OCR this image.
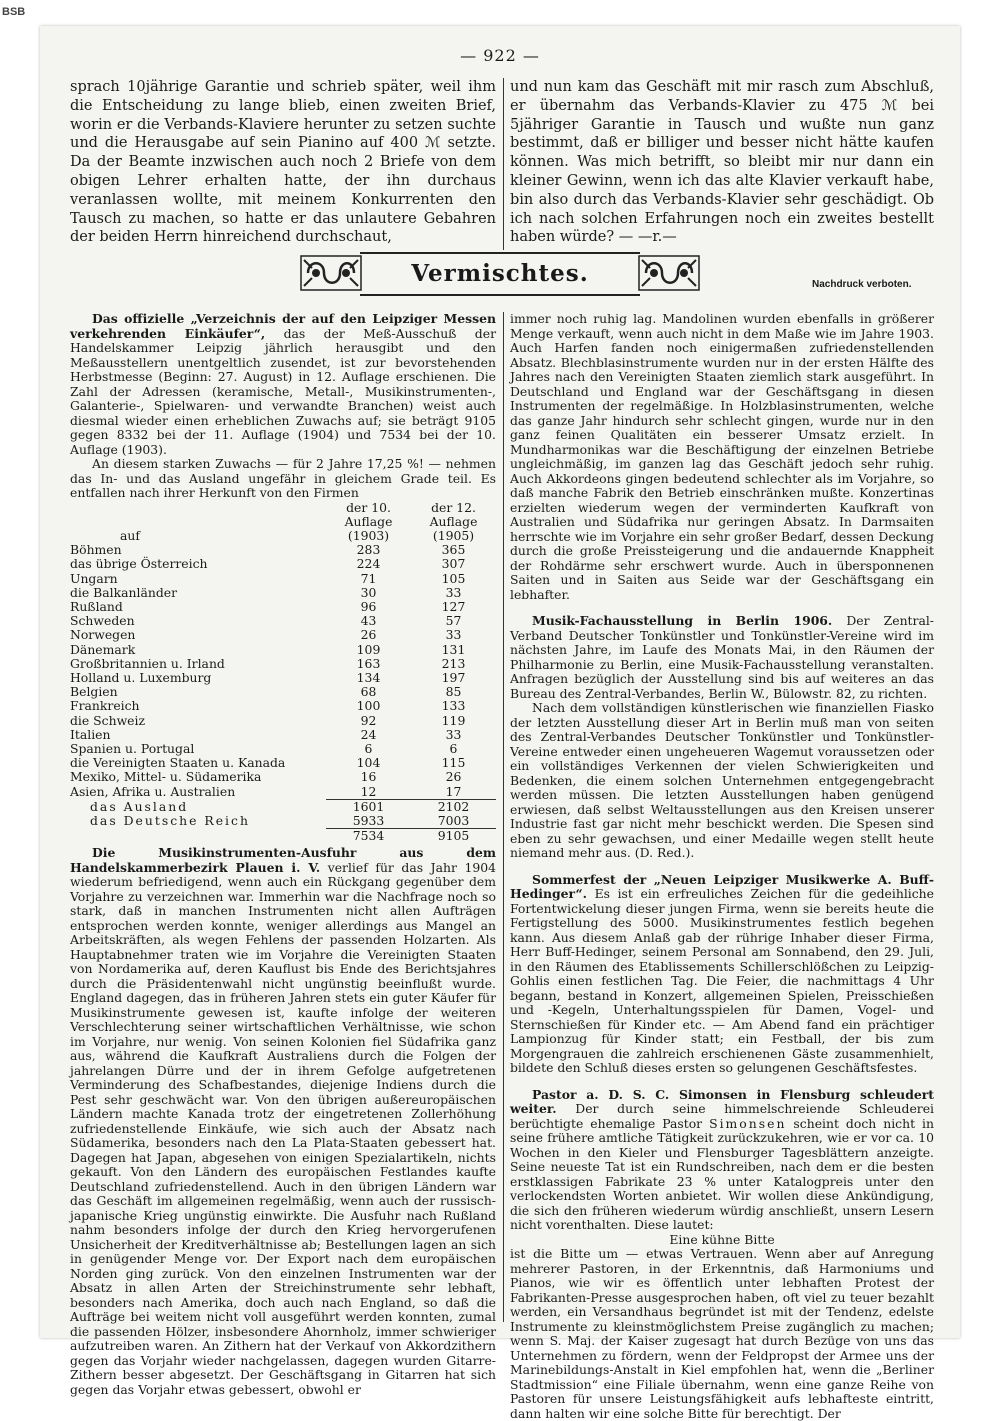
BSB
— 922 —

sprach 10jährige Garantie und schrieb später, weil ihm die Entscheidung zu lange blieb, einen zweiten Brief, worin er die Verbands-Klaviere herunter zu setzen suchte und die Herausgabe auf sein Pianino auf 400 ℳ setzte. Da der Beamte inzwischen auch noch 2 Briefe von dem obigen Lehrer erhalten hatte, der ihn durchaus veranlassen wollte, mit meinem Konkurrenten den Tausch zu machen, so hatte er das unlautere Gebahren der beiden Herrn hinreichend durchschaut,

und nun kam das Geschäft mit mir rasch zum Abschluß, er übernahm das Verbands-Klavier zu 475 ℳ bei 5jähriger Garantie in Tausch und wußte nun ganz bestimmt, daß er billiger und besser nicht hätte kaufen können. Was mich betrifft, so bleibt mir nur dann ein kleiner Gewinn, wenn ich das alte Klavier verkauft habe, bin also durch das Verbands-Klavier sehr geschädigt. Ob ich nach solchen Erfahrungen noch ein zweites bestellt haben würde? — —r.—

Vermischtes.	Nachdruck verboten.

Das offizielle „Verzeichnis der auf den Leipziger Messen verkehrenden Einkäufer“, das der Meß-Ausschuß der Handelskammer Leipzig jährlich herausgibt und den Meßausstellern unentgeltlich zusendet, ist zur bevorstehenden Herbstmesse (Beginn: 27. August) in 12. Auflage erschienen. Die Zahl der Adressen (keramische, Metall-, Musikinstrumenten-, Galanterie-, Spielwaren- und verwandte Branchen) weist auch diesmal wieder einen erheblichen Zuwachs auf; sie beträgt 9105 gegen 8332 bei der 11. Auflage (1904) und 7534 bei der 10. Auflage (1903).

An diesem starken Zuwachs — für 2 Jahre 17,25 %! — nehmen das In- und das Ausland ungefähr in gleichem Grade teil. Es entfallen nach ihrer Herkunft von den Firmen

	der 10. Auflage	der 12. Auflage
auf	(1903)	(1905)
Böhmen	283	365
das übrige Österreich	224	307
Ungarn	71	105
die Balkanländer	30	33
Rußland	96	127
Schweden	43	57
Norwegen	26	33
Dänemark	109	131
Großbritannien u. Irland	163	213
Holland u. Luxemburg	134	197
Belgien	68	85
Frankreich	100	133
die Schweiz	92	119
Italien	24	33
Spanien u. Portugal	6	6
die Vereinigten Staaten u. Kanada	104	115
Mexiko, Mittel- u. Südamerika	16	26
Asien, Afrika u. Australien	12	17
das Ausland	1601	2102
das Deutsche Reich	5933	7003
	7534	9105

Die Musikinstrumenten-Ausfuhr aus dem Handelskammerbezirk Plauen i. V. verlief für das Jahr 1904 wiederum befriedigend, wenn auch ein Rückgang gegenüber dem Vorjahre zu verzeichnen war. Immerhin war die Nachfrage noch so stark, daß in manchen Instrumenten nicht allen Aufträgen entsprochen werden konnte, weniger allerdings aus Mangel an Arbeitskräften, als wegen Fehlens der passenden Holzarten. Als Hauptabnehmer traten wie im Vorjahre die Vereinigten Staaten von Nordamerika auf, deren Kauflust bis Ende des Berichtsjahres durch die Präsidentenwahl nicht ungünstig beeinflußt wurde. England dagegen, das in früheren Jahren stets ein guter Käufer für Musikinstrumente gewesen ist, kaufte infolge der weiteren Verschlechterung seiner wirtschaftlichen Verhältnisse, wie schon im Vorjahre, nur wenig. Von seinen Kolonien fiel Südafrika ganz aus, während die Kaufkraft Australiens durch die Folgen der jahrelangen Dürre und der in ihrem Gefolge aufgetretenen Verminderung des Schafbestandes, diejenige Indiens durch die Pest sehr geschwächt war. Von den übrigen außereuropäischen Ländern machte Kanada trotz der eingetretenen Zollerhöhung zufriedenstellende Einkäufe, wie sich auch der Absatz nach Südamerika, besonders nach den La Plata-Staaten gebessert hat. Dagegen hat Japan, abgesehen von einigen Spezialartikeln, nichts gekauft. Von den Ländern des europäischen Festlandes kaufte Deutschland zufriedenstellend. Auch in den übrigen Ländern war das Geschäft im allgemeinen regelmäßig, wenn auch der russisch-japanische Krieg ungünstig einwirkte. Die Ausfuhr nach Rußland nahm besonders infolge der durch den Krieg hervorgerufenen Unsicherheit der Kreditverhältnisse ab; Bestellungen lagen an sich in genügender Menge vor. Der Export nach dem europäischen Norden ging zurück. Von den einzelnen Instrumenten war der Absatz in allen Arten der Streichinstrumente sehr lebhaft, besonders nach Amerika, doch auch nach England, so daß die Aufträge bei weitem nicht voll ausgeführt werden konnten, zumal die passenden Hölzer, insbesondere Ahornholz, immer schwieriger aufzutreiben waren. An Zithern hat der Verkauf von Akkordzithern gegen das Vorjahr wieder nachgelassen, dagegen wurden Gitarre-Zithern besser abgesetzt. Der Geschäftsgang in Gitarren hat sich gegen das Vorjahr etwas gebessert, obwohl er

immer noch ruhig lag. Mandolinen wurden ebenfalls in größerer Menge verkauft, wenn auch nicht in dem Maße wie im Jahre 1903. Auch Harfen fanden noch einigermaßen zufriedenstellenden Absatz. Blechblasinstrumente wurden nur in der ersten Hälfte des Jahres nach den Vereinigten Staaten ziemlich stark ausgeführt. In Deutschland und England war der Geschäftsgang in diesen Instrumenten der regelmäßige. In Holzblasinstrumenten, welche das ganze Jahr hindurch sehr schlecht gingen, wurde nur in den ganz feinen Qualitäten ein besserer Umsatz erzielt. In Mundharmonikas war die Beschäftigung der einzelnen Betriebe ungleichmäßig, im ganzen lag das Geschäft jedoch sehr ruhig. Auch Akkordeons gingen bedeutend schlechter als im Vorjahre, so daß manche Fabrik den Betrieb einschränken mußte. Konzertinas erzielten wiederum wegen der verminderten Kaufkraft von Australien und Südafrika nur geringen Absatz. In Darmsaiten herrschte wie im Vorjahre ein sehr großer Bedarf, dessen Deckung durch die große Preissteigerung und die andauernde Knappheit der Rohdärme sehr erschwert wurde. Auch in übersponnenen Saiten und in Saiten aus Seide war der Geschäftsgang ein lebhafter.

Musik-Fachausstellung in Berlin 1906. Der Zentral-Verband Deutscher Tonkünstler und Tonkünstler-Vereine wird im nächsten Jahre, im Laufe des Monats Mai, in den Räumen der Philharmonie zu Berlin, eine Musik-Fachausstellung veranstalten. Anfragen bezüglich der Ausstellung sind bis auf weiteres an das Bureau des Zentral-Verbandes, Berlin W., Bülowstr. 82, zu richten.

Nach dem vollständigen künstlerischen wie finanziellen Fiasko der letzten Ausstellung dieser Art in Berlin muß man von seiten des Zentral-Verbandes Deutscher Tonkünstler und Tonkünstler-Vereine entweder einen ungeheueren Wagemut voraussetzen oder ein vollständiges Verkennen der vielen Schwierigkeiten und Bedenken, die einem solchen Unternehmen entgegengebracht werden müssen. Die letzten Ausstellungen haben genügend erwiesen, daß selbst Weltausstellungen aus den Kreisen unserer Industrie fast gar nicht mehr beschickt werden. Die Spesen sind eben zu sehr gewachsen, und einer Medaille wegen stellt heute niemand mehr aus. (D. Red.).

Sommerfest der „Neuen Leipziger Musikwerke A. Buff-Hedinger“. Es ist ein erfreuliches Zeichen für die gedeihliche Fortentwickelung dieser jungen Firma, wenn sie bereits heute die Fertigstellung des 5000. Musikinstrumentes festlich begehen kann. Aus diesem Anlaß gab der rührige Inhaber dieser Firma, Herr Buff-Hedinger, seinem Personal am Sonnabend, den 29. Juli, in den Räumen des Etablissements Schillerschlößchen zu Leipzig-Gohlis einen festlichen Tag. Die Feier, die nachmittags 4 Uhr begann, bestand in Konzert, allgemeinen Spielen, Preisschießen und -Kegeln, Unterhaltungsspielen für Damen, Vogel- und Sternschießen für Kinder etc. — Am Abend fand ein prächtiger Lampionzug für Kinder statt; ein Festball, der bis zum Morgengrauen die zahlreich erschienenen Gäste zusammenhielt, bildete den Schluß dieses ersten so gelungenen Geschäftsfestes.

Pastor a. D. S. C. Simonsen in Flensburg schleudert weiter. Der durch seine himmelschreiende Schleuderei berüchtigte ehemalige Pastor Simonsen scheint doch nicht in seine frühere amtliche Tätigkeit zurückzukehren, wie er vor ca. 10 Wochen in den Kieler und Flensburger Tagesblättern anzeigte. Seine neueste Tat ist ein Rundschreiben, nach dem er die besten erstklassigen Fabrikate 23 % unter Katalogpreis unter den verlockendsten Worten anbietet. Wir wollen diese Ankündigung, die sich den früheren wiederum würdig anschließt, unsern Lesern nicht vorenthalten. Diese lautet:

Eine kühne Bitte

ist die Bitte um — etwas Vertrauen. Wenn aber auf Anregung mehrerer Pastoren, in der Erkenntnis, daß Harmoniums und Pianos, wie wir es öffentlich unter lebhaften Protest der Fabrikanten-Presse ausgesprochen haben, oft viel zu teuer bezahlt werden, ein Versandhaus begründet ist mit der Tendenz, edelste Instrumente zu kleinstmöglichstem Preise zugänglich zu machen; wenn S. Maj. der Kaiser zugesagt hat durch Bezüge von uns das Unternehmen zu fördern, wenn der Feldpropst der Armee uns der Marinebildungs-Anstalt in Kiel empfohlen hat, wenn die „Berliner Stadtmission“ eine Filiale übernahm, wenn eine ganze Reihe von Pastoren für unsere Leistungsfähigkeit aufs lebhafteste eintritt, dann halten wir eine solche Bitte für berechtigt. Der
